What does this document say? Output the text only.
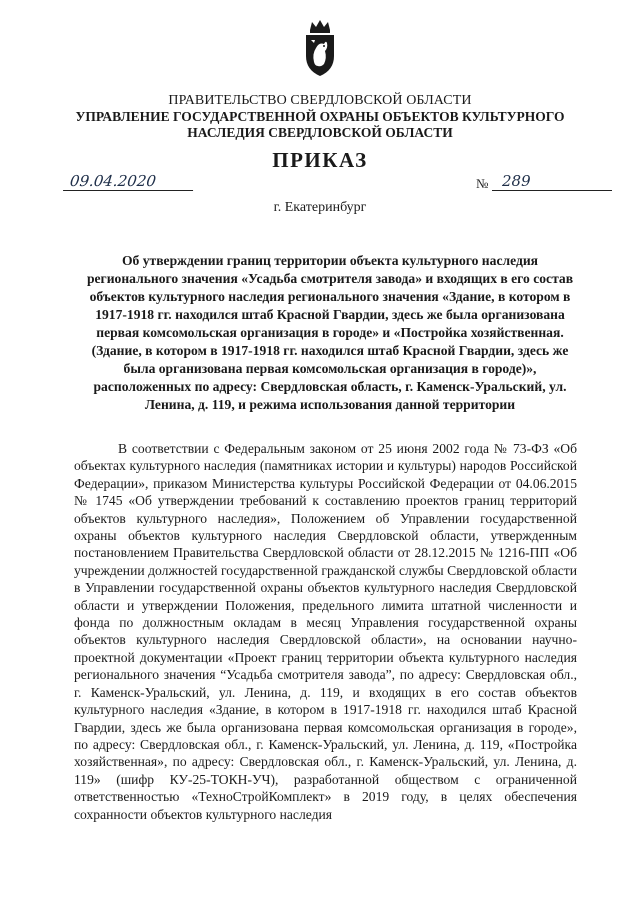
ПРАВИТЕЛЬСТВО СВЕРДЛОВСКОЙ ОБЛАСТИ
УПРАВЛЕНИЕ ГОСУДАРСТВЕННОЙ ОХРАНЫ ОБЪЕКТОВ КУЛЬТУРНОГО НАСЛЕДИЯ СВЕРДЛОВСКОЙ ОБЛАСТИ
ПРИКАЗ
09.04.2020	№ 289
г. Екатеринбург

Об утверждении границ территории объекта культурного наследия регионального значения «Усадьба смотрителя завода» и входящих в его состав объектов культурного наследия регионального значения «Здание, в котором в 1917-1918 гг. находился штаб Красной Гвардии, здесь же была организована первая комсомольская организация в городе» и «Постройка хозяйственная. (Здание, в котором в 1917-1918 гг. находился штаб Красной Гвардии, здесь же была организована первая комсомольская организация в городе)», расположенных по адресу: Свердловская область, г. Каменск-Уральский, ул. Ленина, д. 119, и режима использования данной территории

В соответствии с Федеральным законом от 25 июня 2002 года № 73-ФЗ «Об объектах культурного наследия (памятниках истории и культуры) народов Российской Федерации», приказом Министерства культуры Российской Федерации от 04.06.2015 № 1745 «Об утверждении требований к составлению проектов границ территорий объектов культурного наследия», Положением об Управлении государственной охраны объектов культурного наследия Свердловской области, утвержденным постановлением Правительства Свердловской области от 28.12.2015 № 1216-ПП «Об учреждении должностей государственной гражданской службы Свердловской области в Управлении государственной охраны объектов культурного наследия Свердловской области и утверждении Положения, предельного лимита штатной численности и фонда по должностным окладам в месяц Управления государственной охраны объектов культурного наследия Свердловской области», на основании научно-проектной документации «Проект границ территории объекта культурного наследия регионального значения “Усадьба смотрителя завода”, по адресу: Свердловская обл., г. Каменск-Уральский, ул. Ленина, д. 119, и входящих в его состав объектов культурного наследия «Здание, в котором в 1917-1918 гг. находился штаб Красной Гвардии, здесь же была организована первая комсомольская организация в городе», по адресу: Свердловская обл., г. Каменск-Уральский, ул. Ленина, д. 119, «Постройка хозяйственная», по адресу: Свердловская обл., г. Каменск-Уральский, ул. Ленина, д. 119» (шифр КУ-25-ТОКН-УЧ), разработанной обществом с ограниченной ответственностью «ТехноСтройКомплект» в 2019 году, в целях обеспечения сохранности объектов культурного наследия
